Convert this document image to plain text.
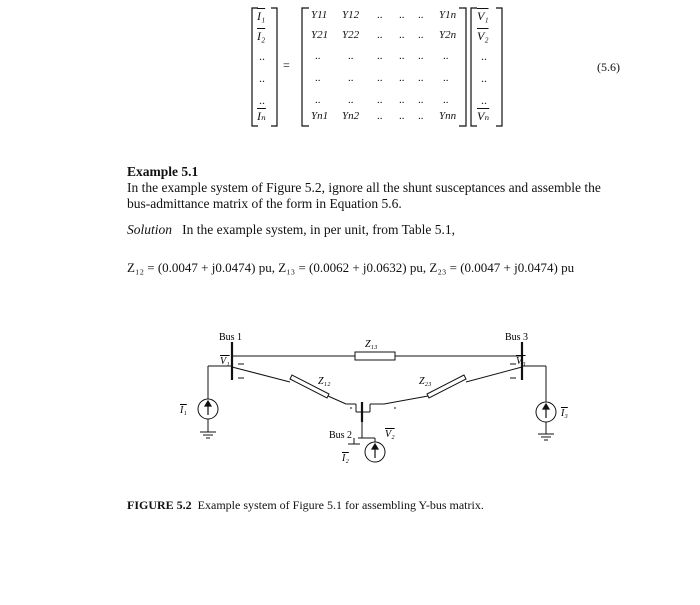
I₁
I₂
..
..
..
$\overline{I_n}$
=
Y11 Y12 .. .. .. Y1n
Y21 Y22 .. .. .. Y2n
..	.. .. .. .. ..
..	.. .. .. .. ..
..	.. .. .. .. ..
Yn1 Yn2 .. .. .. Ynn
V₁
V₂
..
..
..
$\overline{V_n}$
(5.6)
Example 5.1
In the example system of Figure 5.2, ignore all the shunt susceptances and assemble the
bus-admittance matrix of the form in Equation 5.6.
Solution In the example system, in per unit, from Table 5.1,
Z₁₂ = (0.0047 + j0.0474) pu, Z₁₃ = (0.0062 + j0.0632) pu, Z₂₃ = (0.0047 + j0.0474) pu
Bus 1
Bus 2
Bus 3
Z₁₃
Z₁₂	Z₂₃
V₁
V₂
V₃
I₁
I₂
I₃
FIGURE 5.2 Example system of Figure 5.1 for assembling Y-bus matrix.
